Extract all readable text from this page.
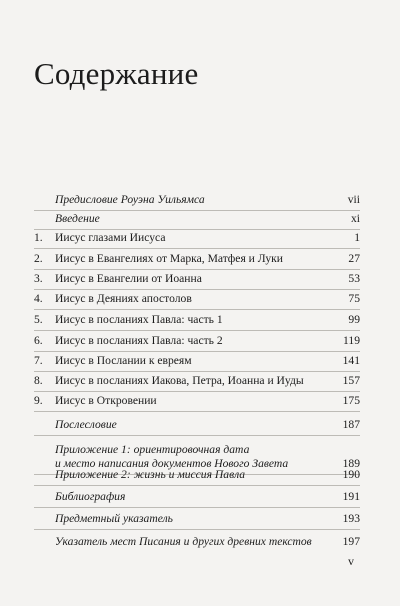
Содержание
Предисловие Роуэна Уильямса	vii
Введение	xi
1.	Иисус глазами Иисуса	1
2.	Иисус в Евангелиях от Марка, Матфея и Луки	27
3.	Иисус в Евангелии от Иоанна	53
4.	Иисус в Деяниях апостолов	75
5.	Иисус в посланиях Павла: часть 1	99
6.	Иисус в посланиях Павла: часть 2	119
7.	Иисус в Послании к евреям	141
8.	Иисус в посланиях Иакова, Петра, Иоанна и Иуды	157
9.	Иисус в Откровении	175
Послесловие	187
Приложение 1: ориентировочная дата
и место написания документов Нового Завета	189
Приложение 2: жизнь и миссия Павла	190
Библиография	191
Предметный указатель	193
Указатель мест Писания и других древних текстов	197
v
